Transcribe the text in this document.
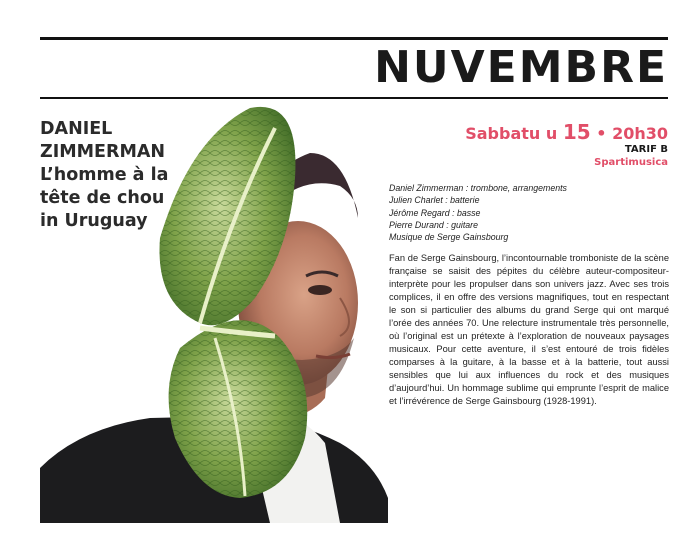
NUVEMBRE
DANIEL
ZIMMERMAN
L’homme à la
tête de chou
in Uruguay
Sabbatu u 15 • 20h30
TARIF B
Spartimusica
Daniel Zimmerman : trombone, arrangements
Julien Charlet : batterie
Jérôme Regard : basse
Pierre Durand : guitare
Musique de Serge Gainsbourg
Fan de Serge Gainsbourg, l’incontournable tromboniste de la scène française se saisit des pépites du célèbre auteur-compositeur-interprète pour les propulser dans son univers jazz. Avec ses trois complices, il en offre des versions magnifiques, tout en respectant le son si particulier des albums du grand Serge qui ont marqué l’orée des années 70. Une relecture instrumentale très personnelle, où l’original est un prétexte à l’exploration de nouveaux paysages musicaux. Pour cette aventure, il s’est entouré de trois fidèles comparses à la guitare, à la basse et à la batterie, tout aussi sensibles que lui aux influences du rock et des musiques d’aujourd’hui. Un hommage sublime qui emprunte l’esprit de malice et l’irrévérence de Serge Gainsbourg (1928-1991).
